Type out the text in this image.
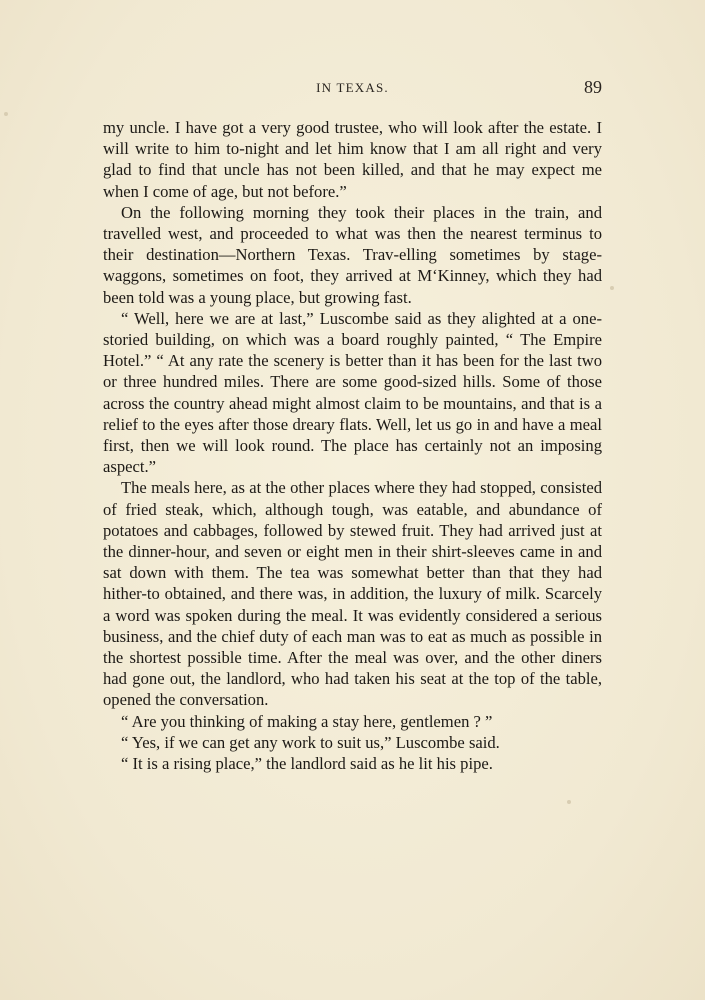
IN TEXAS.	89

my uncle. I have got a very good trustee, who will look after the estate. I will write to him to-night and let him know that I am all right and very glad to find that uncle has not been killed, and that he may expect me when I come of age, but not before.”

On the following morning they took their places in the train, and travelled west, and proceeded to what was then the nearest terminus to their destination—Northern Texas. Trav-elling sometimes by stage-waggons, sometimes on foot, they arrived at M‘Kinney, which they had been told was a young place, but growing fast.

“ Well, here we are at last,” Luscombe said as they alighted at a one-storied building, on which was a board roughly painted, “ The Empire Hotel.” “ At any rate the scenery is better than it has been for the last two or three hundred miles. There are some good-sized hills. Some of those across the country ahead might almost claim to be mountains, and that is a relief to the eyes after those dreary flats. Well, let us go in and have a meal first, then we will look round. The place has certainly not an imposing aspect.”

The meals here, as at the other places where they had stopped, consisted of fried steak, which, although tough, was eatable, and abundance of potatoes and cabbages, followed by stewed fruit. They had arrived just at the dinner-hour, and seven or eight men in their shirt-sleeves came in and sat down with them. The tea was somewhat better than that they had hither-to obtained, and there was, in addition, the luxury of milk. Scarcely a word was spoken during the meal. It was evidently considered a serious business, and the chief duty of each man was to eat as much as possible in the shortest possible time. After the meal was over, and the other diners had gone out, the landlord, who had taken his seat at the top of the table, opened the conversation.

“ Are you thinking of making a stay here, gentlemen ? ”

“ Yes, if we can get any work to suit us,” Luscombe said.

“ It is a rising place,” the landlord said as he lit his pipe.
